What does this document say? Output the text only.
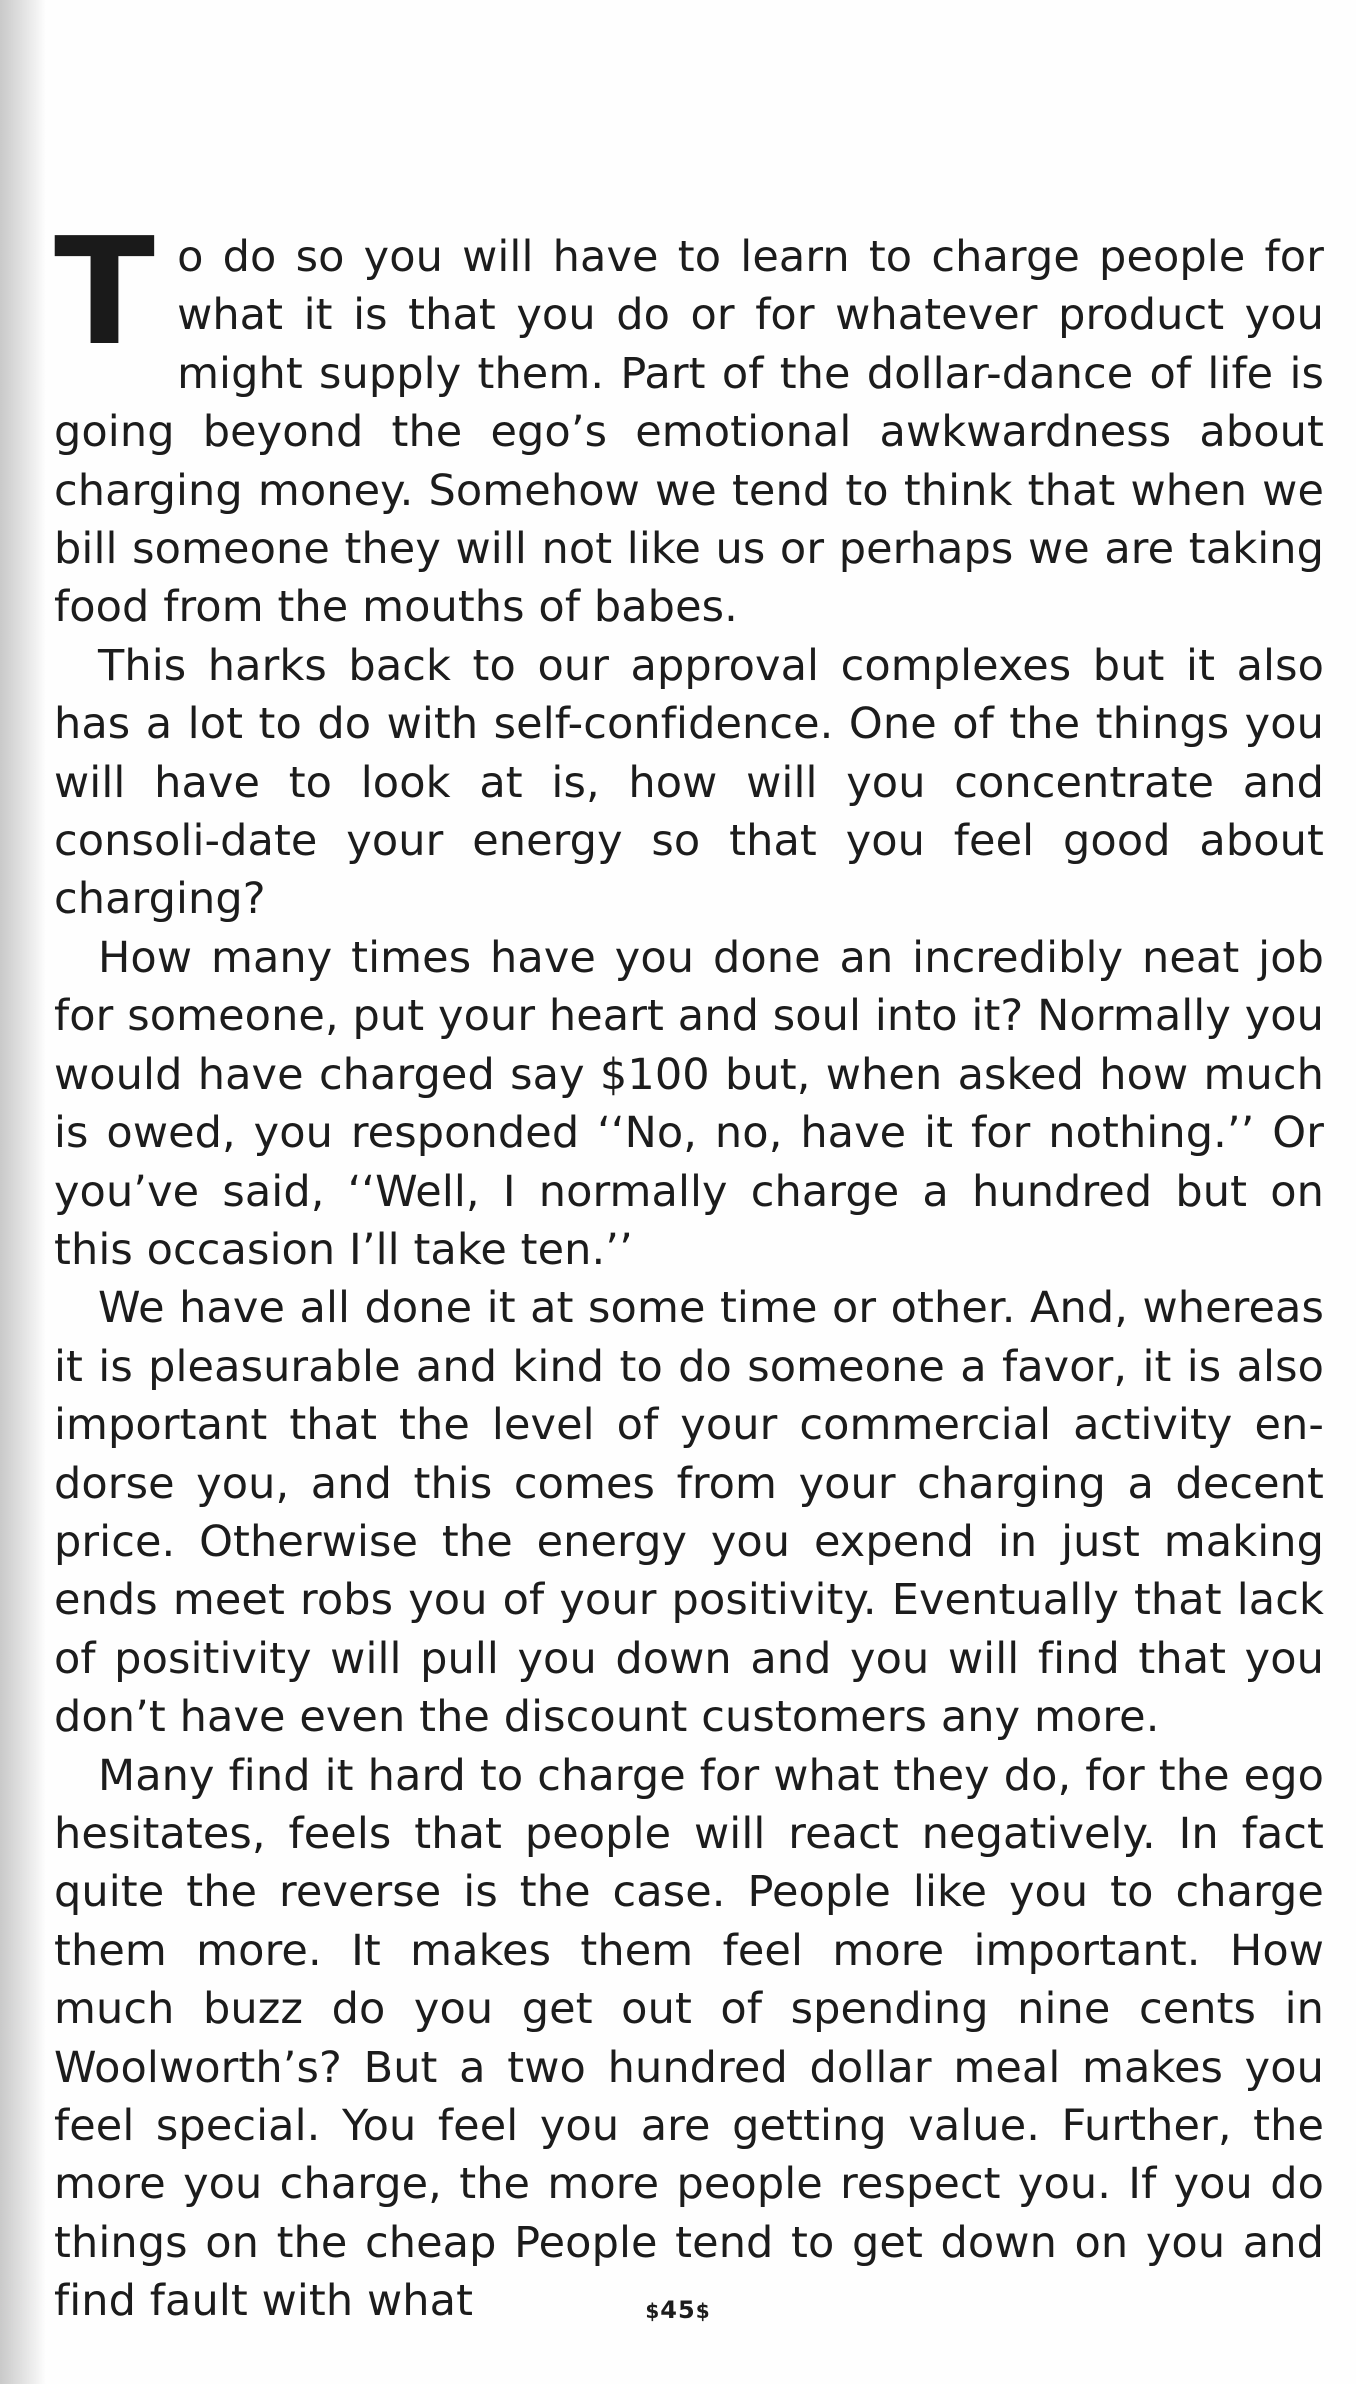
To do so you will have to learn to charge people for what it is that you do or for whatever product you might supply them. Part of the dollar-dance of life is going beyond the ego’s emotional awkwardness about charging money. Somehow we tend to think that when we bill someone they will not like us or perhaps we are taking food from the mouths of babes.

This harks back to our approval complexes but it also has a lot to do with self-confidence. One of the things you will have to look at is, how will you concentrate and consoli-date your energy so that you feel good about charging?

How many times have you done an incredibly neat job for someone, put your heart and soul into it? Normally you would have charged say $100 but, when asked how much is owed, you responded ‘‘No, no, have it for nothing.’’ Or you’ve said, ‘‘Well, I normally charge a hundred but on this occasion I’ll take ten.’’

We have all done it at some time or other. And, whereas it is pleasurable and kind to do someone a favor, it is also important that the level of your commercial activity en-dorse you, and this comes from your charging a decent price. Otherwise the energy you expend in just making ends meet robs you of your positivity. Eventually that lack of positivity will pull you down and you will find that you don’t have even the discount customers any more.

Many find it hard to charge for what they do, for the ego hesitates, feels that people will react negatively. In fact quite the reverse is the case. People like you to charge them more. It makes them feel more important. How much buzz do you get out of spending nine cents in Woolworth’s? But a two hundred dollar meal makes you feel special. You feel you are getting value. Further, the more you charge, the more people respect you. If you do things on the cheap People tend to get down on you and find fault with what	$45$
